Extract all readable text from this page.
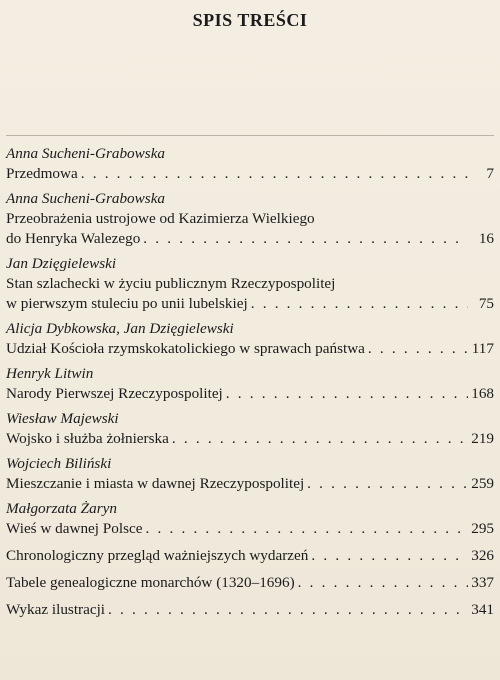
SPIS TREŚCI
Anna Sucheni-Grabowska
Przedmowa . . .	7
Anna Sucheni-Grabowska
Przeobrażenia ustrojowe od Kazimierza Wielkiego
do Henryka Walezego . . .	16
Jan Dzięgielewski
Stan szlachecki w życiu publicznym Rzeczypospolitej
w pierwszym stuleciu po unii lubelskiej . . .	75
Alicja Dybkowska, Jan Dzięgielewski
Udział Kościoła rzymskokatolickiego w sprawach państwa . . .	117
Henryk Litwin
Narody Pierwszej Rzeczypospolitej . . .	168
Wiesław Majewski
Wojsko i służba żołnierska . . .	219
Wojciech Biliński
Mieszczanie i miasta w dawnej Rzeczypospolitej . . .	259
Małgorzata Żaryn
Wieś w dawnej Polsce . . .	295
Chronologiczny przegląd ważniejszych wydarzeń . . .	326
Tabele genealogiczne monarchów (1320–1696) . . .	337
Wykaz ilustracji . . .	341
